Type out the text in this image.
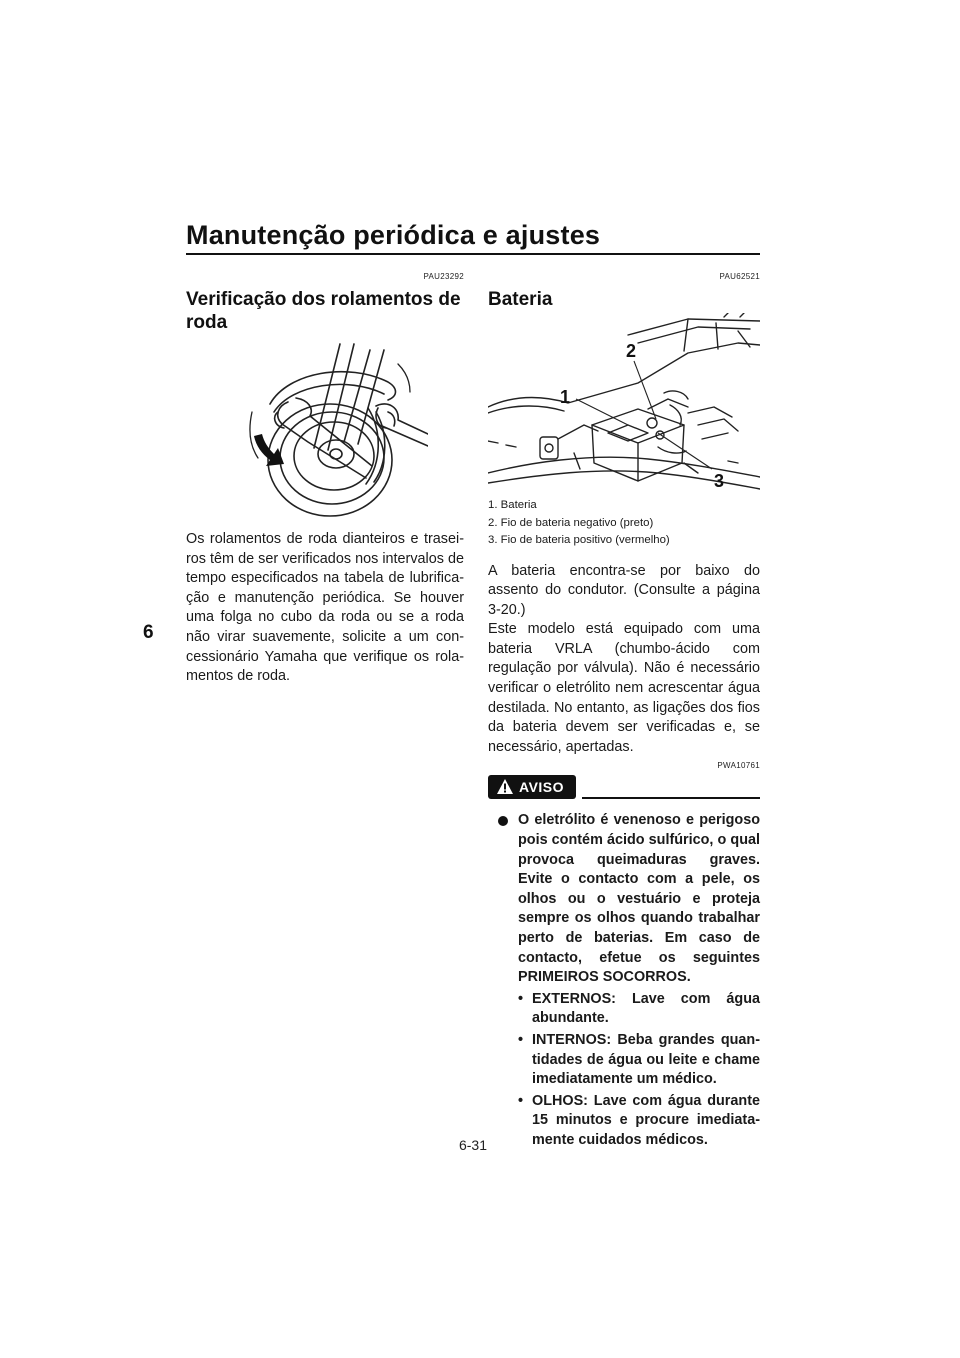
Manutenção periódica e ajustes
6
PAU23292
Verificação dos rolamentos de roda

Os rolamentos de roda dianteiros e traseiros têm de ser verificados nos intervalos de tempo especificados na tabela de lubrificação e manutenção periódica. Se houver uma folga no cubo da roda ou se a roda não virar suavemente, solicite a um concessionário Yamaha que verifique os rolamentos de roda.

PAU62521
Bateria
1
2
3
1. Bateria
2. Fio de bateria negativo (preto)
3. Fio de bateria positivo (vermelho)

A bateria encontra-se por baixo do assento do condutor. (Consulte a página 3-20.)

Este modelo está equipado com uma bateria VRLA (chumbo-ácido com regulação por válvula). Não é necessário verificar o eletrólito nem acrescentar água destilada. No entanto, as ligações dos fios da bateria devem ser verificadas e, se necessário, apertadas.

PWA10761
AVISO
O eletrólito é venenoso e perigoso pois contém ácido sulfúrico, o qual provoca queimaduras graves. Evite o contacto com a pele, os olhos ou o vestuário e proteja sempre os olhos quando trabalhar perto de baterias. Em caso de contacto, efetue os seguintes PRIMEIROS SOCORROS.
• EXTERNOS: Lave com água abundante.
• INTERNOS: Beba grandes quantidades de água ou leite e chame imediatamente um médico.
• OLHOS: Lave com água durante 15 minutos e procure imediatamente cuidados médicos.
6-31
